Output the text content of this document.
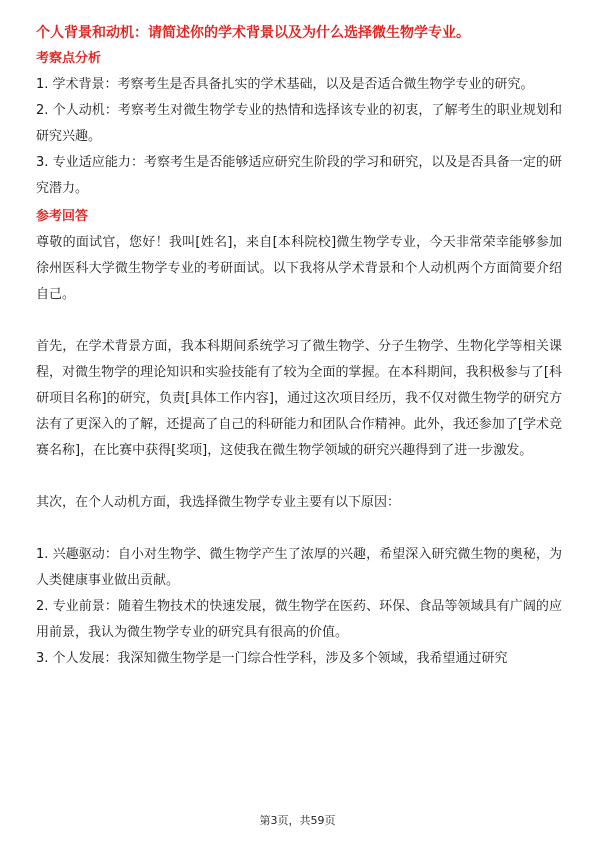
个人背景和动机：请简述你的学术背景以及为什么选择微生物学专业。

考察点分析

1. 学术背景：考察考生是否具备扎实的学术基础，以及是否适合微生物学专业的研究。

2. 个人动机：考察考生对微生物学专业的热情和选择该专业的初衷，了解考生的职业规划和研究兴趣。

3. 专业适应能力：考察考生是否能够适应研究生阶段的学习和研究，以及是否具备一定的研究潜力。

参考回答

尊敬的面试官，您好！我叫[姓名]，来自[本科院校]微生物学专业，今天非常荣幸能够参加徐州医科大学微生物学专业的考研面试。以下我将从学术背景和个人动机两个方面简要介绍自己。

首先，在学术背景方面，我本科期间系统学习了微生物学、分子生物学、生物化学等相关课程，对微生物学的理论知识和实验技能有了较为全面的掌握。在本科期间，我积极参与了[科研项目名称]的研究，负责[具体工作内容]，通过这次项目经历，我不仅对微生物学的研究方法有了更深入的了解，还提高了自己的科研能力和团队合作精神。此外，我还参加了[学术竞赛名称]，在比赛中获得[奖项]，这使我在微生物学领域的研究兴趣得到了进一步激发。

其次，在个人动机方面，我选择微生物学专业主要有以下原因：

1. 兴趣驱动：自小对生物学、微生物学产生了浓厚的兴趣，希望深入研究微生物的奥秘，为人类健康事业做出贡献。

2. 专业前景：随着生物技术的快速发展，微生物学在医药、环保、食品等领域具有广阔的应用前景，我认为微生物学专业的研究具有很高的价值。

3. 个人发展：我深知微生物学是一门综合性学科，涉及多个领域，我希望通过研究

第3页，共59页
